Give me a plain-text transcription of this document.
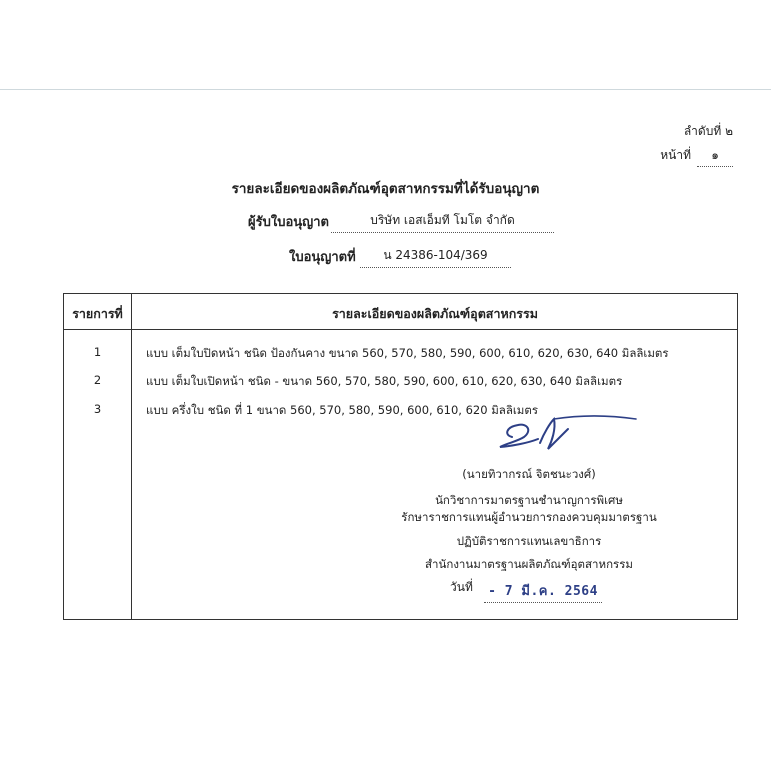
ลำดับที่ ๒
หน้าที่ ๑
รายละเอียดของผลิตภัณฑ์อุตสาหกรรมที่ได้รับอนุญาต
ผู้รับใบอนุญาต	บริษัท เอสเอ็มที โมโต จำกัด
ใบอนุญาตที่	น 24386-104/369
รายการที่	รายละเอียดของผลิตภัณฑ์อุตสาหกรรม
1	แบบ เต็มใบปิดหน้า ชนิด ป้องกันคาง ขนาด 560, 570, 580, 590, 600, 610, 620, 630, 640 มิลลิเมตร
2	แบบ เต็มใบเปิดหน้า ชนิด - ขนาด 560, 570, 580, 590, 600, 610, 620, 630, 640 มิลลิเมตร
3	แบบ ครึ่งใบ ชนิด ที่ 1 ขนาด 560, 570, 580, 590, 600, 610, 620 มิลลิเมตร
(นายทิวากรณ์ จิตชนะวงศ์)
นักวิชาการมาตรฐานชำนาญการพิเศษ
รักษาราชการแทนผู้อำนวยการกองควบคุมมาตรฐาน
ปฏิบัติราชการแทนเลขาธิการ
สำนักงานมาตรฐานผลิตภัณฑ์อุตสาหกรรม
วันที่	- 7 มี.ค. 2564
